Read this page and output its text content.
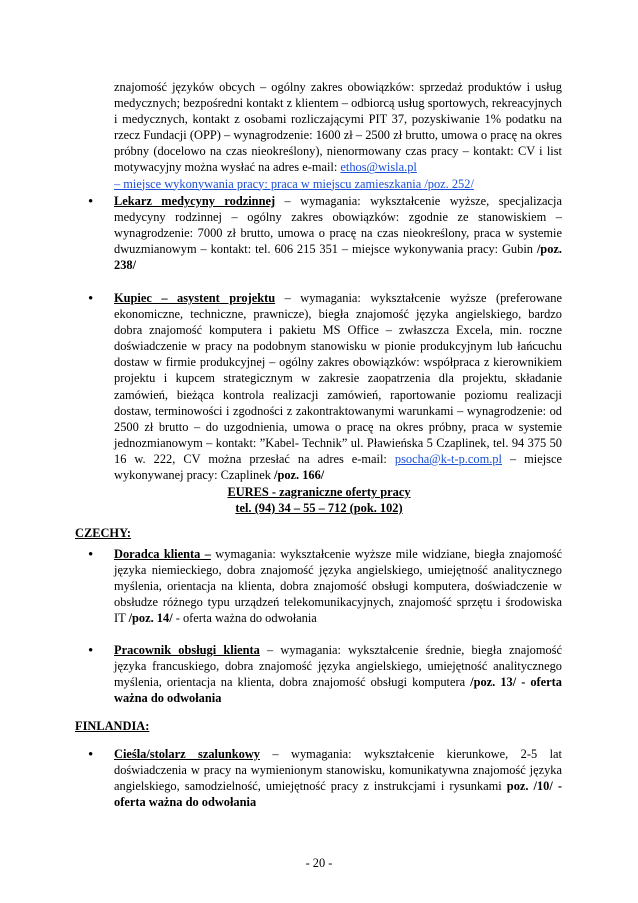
znajomość języków obcych – ogólny zakres obowiązków: sprzedaż produktów i usług medycznych; bezpośredni kontakt z klientem – odbiorcą usług sportowych, rekreacyjnych i medycznych, kontakt z osobami rozliczającymi PIT 37, pozyskiwanie 1% podatku na rzecz Fundacji (OPP) – wynagrodzenie: 1600 zł – 2500 zł brutto, umowa o pracę na okres próbny (docelowo na czas nieokreślony), nienormowany czas pracy – kontakt: CV i list motywacyjny można wysłać na adres e-mail: ethos@wisla.pl
– miejsce wykonywania pracy: praca w miejscu zamieszkania /poz. 252/
• Lekarz medycyny rodzinnej – wymagania: wykształcenie wyższe, specjalizacja medycyny rodzinnej – ogólny zakres obowiązków: zgodnie ze stanowiskiem – wynagrodzenie: 7000 zł brutto, umowa o pracę na czas nieokreślony, praca w systemie dwuzmianowym – kontakt: tel. 606 215 351 – miejsce wykonywania pracy: Gubin /poz. 238/
• Kupiec – asystent projektu – wymagania: wykształcenie wyższe (preferowane ekonomiczne, techniczne, prawnicze), biegła znajomość języka angielskiego, bardzo dobra znajomość komputera i pakietu MS Office – zwłaszcza Excela, min. roczne doświadczenie w pracy na podobnym stanowisku w pionie produkcyjnym lub łańcuchu dostaw w firmie produkcyjnej – ogólny zakres obowiązków: współpraca z kierownikiem projektu i kupcem strategicznym w zakresie zaopatrzenia dla projektu, składanie zamówień, bieżąca kontrola realizacji zamówień, raportowanie poziomu realizacji dostaw, terminowości i zgodności z zakontraktowanymi warunkami – wynagrodzenie: od 2500 zł brutto – do uzgodnienia, umowa o pracę na okres próbny, praca w systemie jednozmianowym – kontakt: ”Kabel- Technik” ul. Pławieńska 5 Czaplinek, tel. 94 375 50 16 w. 222, CV można przesłać na adres e-mail: psocha@k-t-p.com.pl – miejsce wykonywanej pracy: Czaplinek /poz. 166/
EURES - zagraniczne oferty pracy
tel. (94) 34 – 55 – 712 (pok. 102)
CZECHY:
• Doradca klienta – wymagania: wykształcenie wyższe mile widziane, biegła znajomość języka niemieckiego, dobra znajomość języka angielskiego, umiejętność analitycznego myślenia, orientacja na klienta, dobra znajomość obsługi komputera, doświadczenie w obsłudze różnego typu urządzeń telekomunikacyjnych, znajomość sprzętu i środowiska IT /poz. 14/ - oferta ważna do odwołania
• Pracownik obsługi klienta – wymagania: wykształcenie średnie, biegła znajomość języka francuskiego, dobra znajomość języka angielskiego, umiejętność analitycznego myślenia, orientacja na klienta, dobra znajomość obsługi komputera /poz. 13/ - oferta ważna do odwołania
FINLANDIA:
• Cieśla/stolarz szalunkowy – wymagania: wykształcenie kierunkowe, 2-5 lat doświadczenia w pracy na wymienionym stanowisku, komunikatywna znajomość języka angielskiego, samodzielność, umiejętność pracy z instrukcjami i rysunkami poz. /10/ - oferta ważna do odwołania
- 20 -
